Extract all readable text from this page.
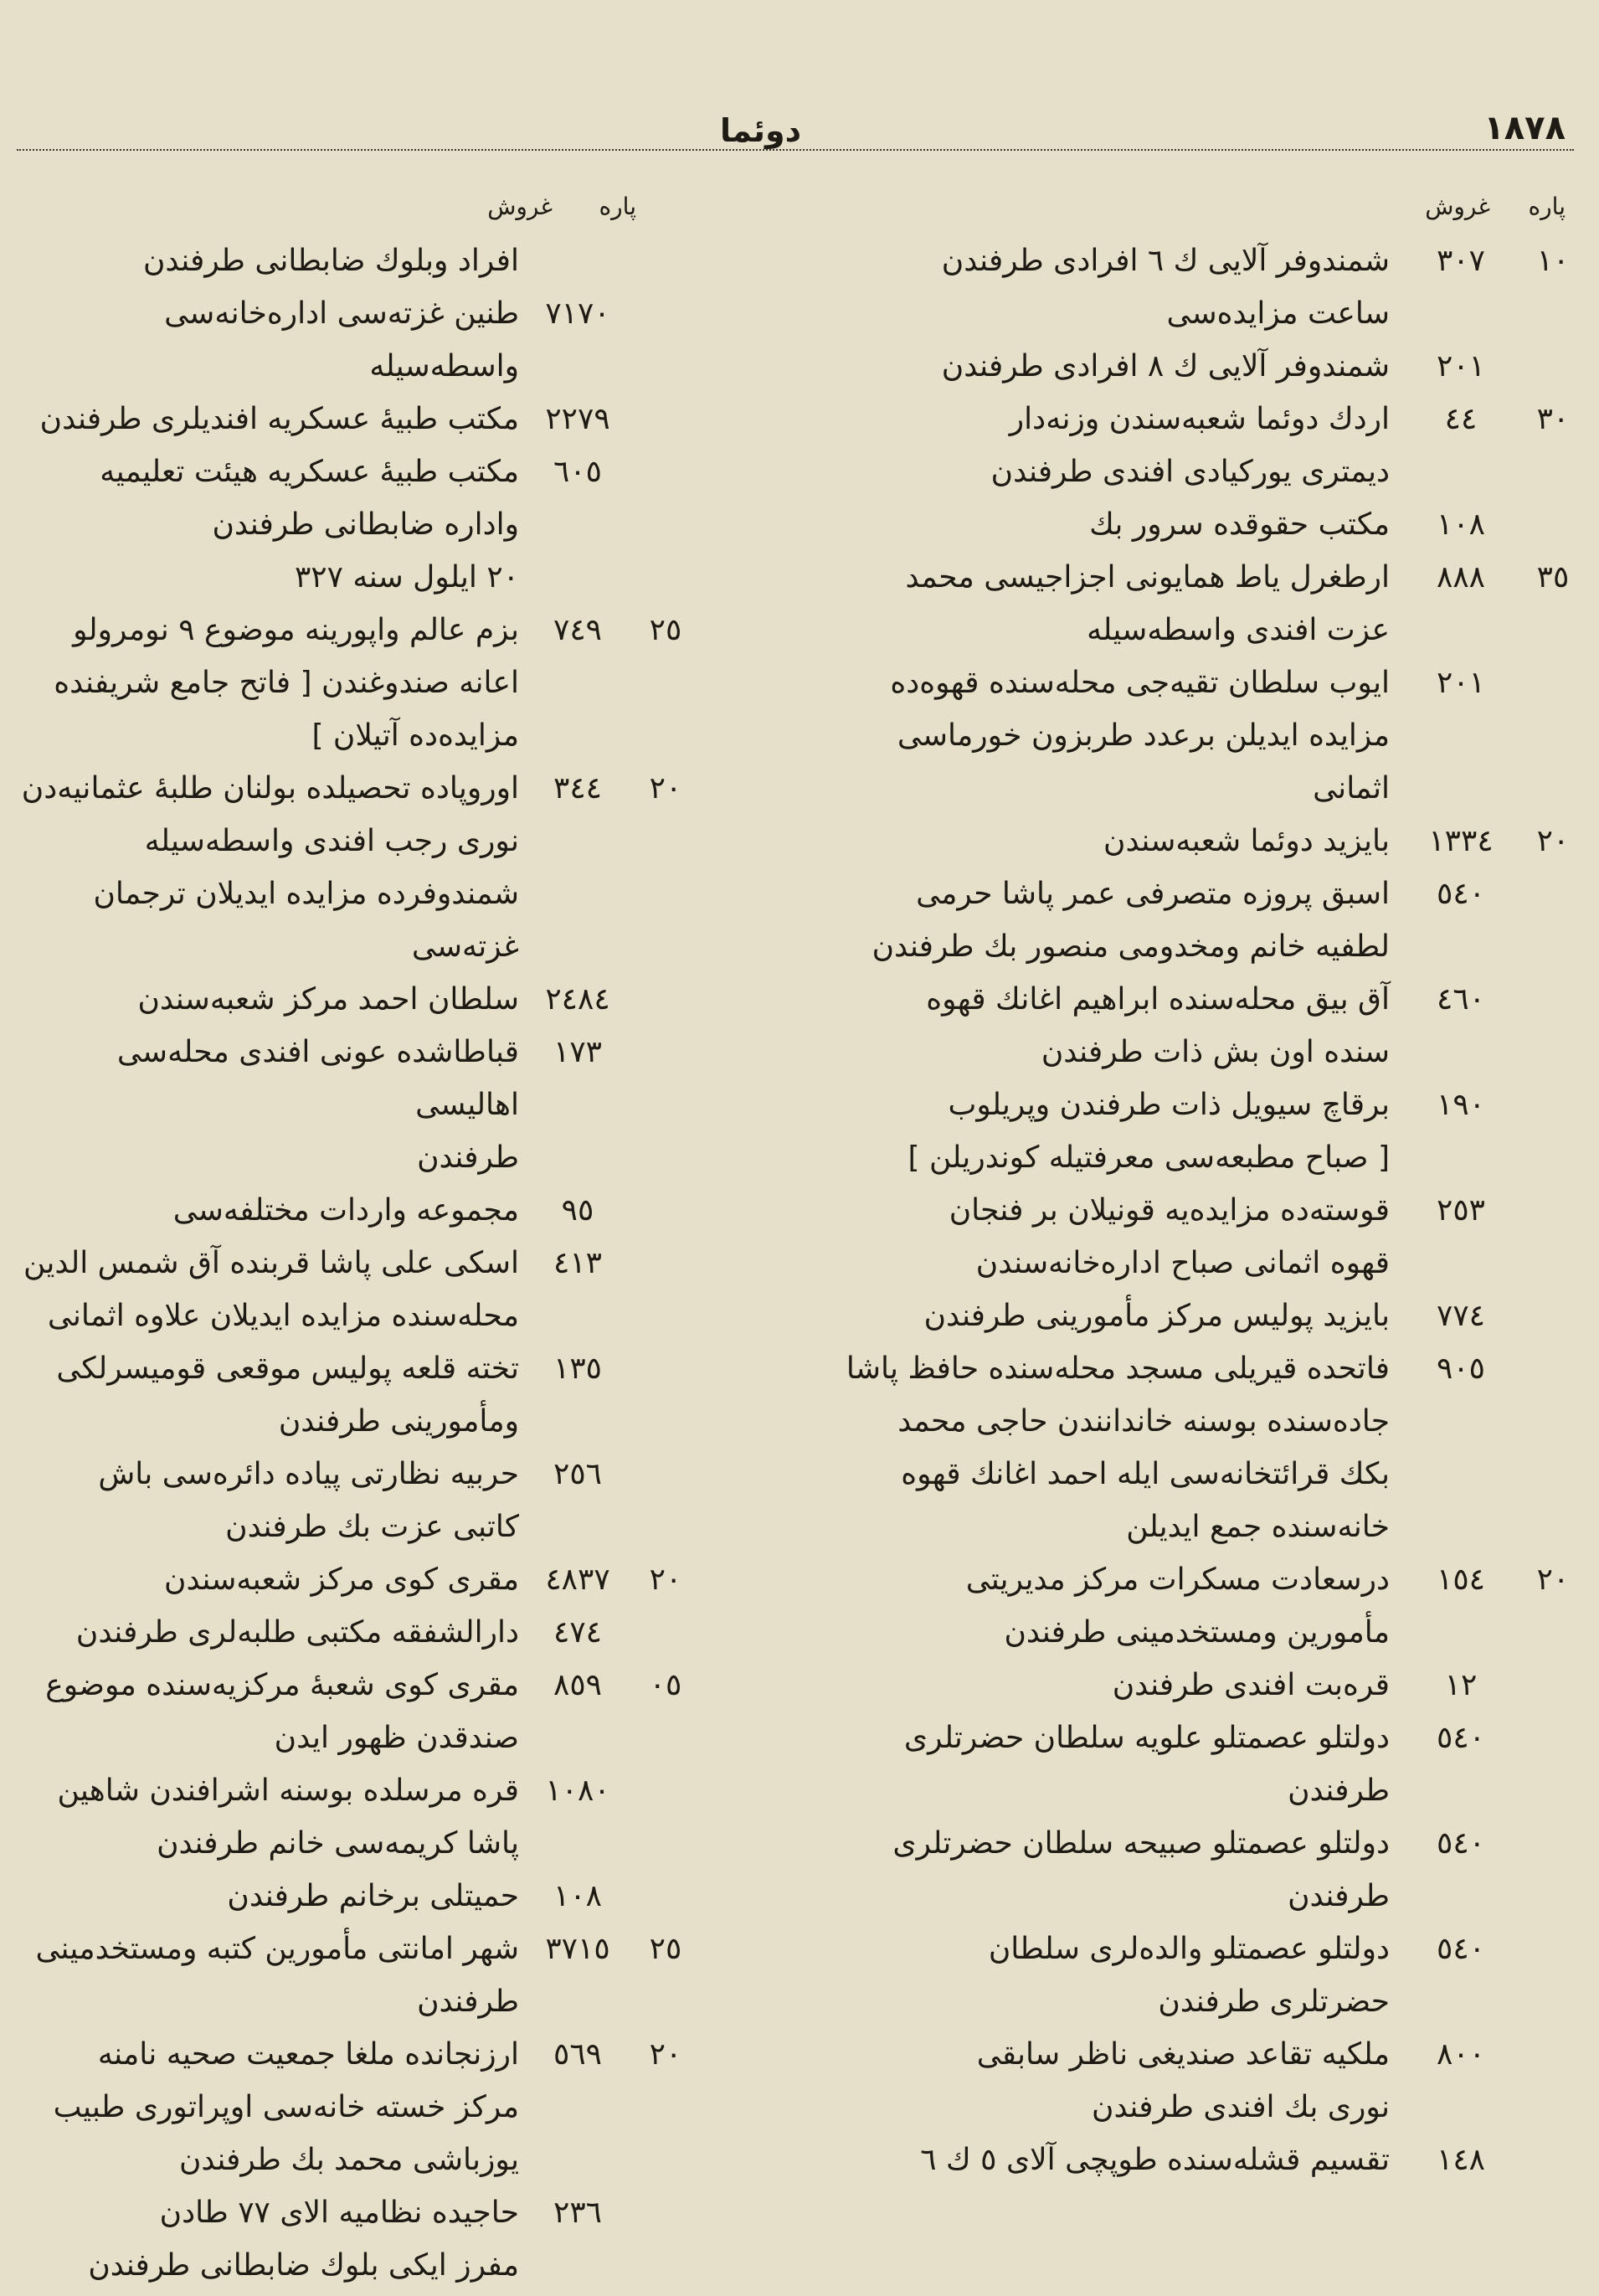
١٨٧٨
دوئما
پاره
غروش
١٠
٣٠٧
شمندوفر آلایی ك ٦ افرادی طرفندن
ساعت مزایده‌سی
٢٠١
شمندوفر آلایی ك ٨ افرادی طرفندن
٣٠
٤٤
اردك دوئما شعبه‌سندن وزنه‌دار
دیمتری یورکیادی افندی طرفندن
١٠٨
مکتب حقوقده سرور بك
٣٥
٨٨٨
ارطغرل یاط همایونی اجزاجیسی محمد
عزت افندی واسطه‌سیله
٢٠١
ایوب سلطان تقیه‌جی محله‌سنده قهوه‌ده
مزایده ایدیلن برعدد طربزون خورماسی
اثمانی
٢٠
١٣٣٤
بایزید دوئما شعبه‌سندن
٥٤٠
اسبق پروزه متصرفی عمر پاشا حرمی
لطفیه خانم ومخدومی منصور بك طرفندن
٤٦٠
آق بیق محله‌سنده ابراهیم اغانك قهوه‌
سنده اون بش ذات طرفندن
١٩٠
برقاچ سیویل ذات طرفندن وپریلوب
[ صباح مطبعه‌سی معرفتیله کوندریلن ]
٢٥٣
قوسته‌ده مزایده‌یه قونیلان بر فنجان
قهوه اثمانی صباح اداره‌خانه‌سندن
٧٧٤
بایزید پولیس مرکز مأمورینی طرفندن
٩٠٥
فاتحده قیریلی مسجد محله‌سنده حافظ پاشا
جاده‌سنده بوسنه خاندانندن حاجی محمد
بکك قرائتخانه‌سی ایله احمد اغانك قهوه‌
خانه‌سنده جمع ایدیلن
٢٠
١٥٤
درسعادت مسکرات مرکز مدیریتی
مأمورین ومستخدمینی طرفندن
١٢
قره‌بت افندی طرفندن
٥٤٠
دولتلو عصمتلو علویه سلطان حضرتلری
طرفندن
٥٤٠
دولتلو عصمتلو صبیحه سلطان حضرتلری
طرفندن
٥٤٠
دولتلو عصمتلو والده‌لری سلطان
حضرتلری طرفندن
٨٠٠
ملکیه تقاعد صندیغی ناظر سابقی
نوری بك افندی طرفندن
١٤٨
تقسیم قشله‌سنده طوپچی آلای ٥ ك ٦
پاره
غروش
افراد وبلوك ضابطانی طرفندن
٧١٧٠
طنین غزته‌سی اداره‌خانه‌سی واسطه‌سیله
٢٢٧٩
مکتب طبیهٔ عسکریه افندیلری طرفندن
٦٠٥
مکتب طبیهٔ عسکریه هیئت تعلیمیه
واداره ضابطانی طرفندن
٢٠ ایلول سنه ٣٢٧
٢٥
٧٤٩
بزم عالم واپورینه موضوع ٩ نومرولو
اعانه صندوغندن [ فاتح جامع شریفنده
مزایده‌ده آتیلان ]
٢٠
٣٤٤
اوروپاده تحصیلده بولنان طلبهٔ عثمانیه‌دن
نوری رجب افندی واسطه‌سیله
شمندوفرده مزایده ایدیلان ترجمان
غزته‌سی
٢٤٨٤
سلطان احمد مرکز شعبه‌سندن
١٧٣
قباطاشده عونی افندی محله‌سی اهالیسی
طرفندن
٩٥
مجموعه واردات مختلفه‌سی
٤١٣
اسکی علی پاشا قربنده آق شمس الدین
محله‌سنده مزایده ایدیلان علاوه اثمانی
١٣٥
تخته قلعه پولیس موقعی قومیسرلکی
ومأمورینی طرفندن
٢٥٦
حربیه نظارتی پیاده دائره‌سی باش
کاتبی عزت بك طرفندن
٢٠
٤٨٣٧
مقری کوی مرکز شعبه‌سندن
٤٧٤
دارالشفقه مکتبی طلبه‌لری طرفندن
٠٥
٨٥٩
مقری کوی شعبهٔ مرکزیه‌سنده موضوع
صندقدن ظهور ایدن
١٠٨٠
قره مرسلده بوسنه اشرافندن شاهین
پاشا کریمه‌سی خانم طرفندن
١٠٨
حمیتلی برخانم طرفندن
٢٥
٣٧١٥
شهر امانتی مأمورین کتبه ومستخدمینی
طرفندن
٢٠
٥٦٩
ارزنجانده ملغا جمعیت صحیه نامنه
مرکز خسته خانه‌سی اوپراتوری طبیب
یوزباشی محمد بك طرفندن
٢٣٦
حاجیده نظامیه الای ٧٧ طادن
مفرز ایکی بلوك ضابطانی طرفندن
